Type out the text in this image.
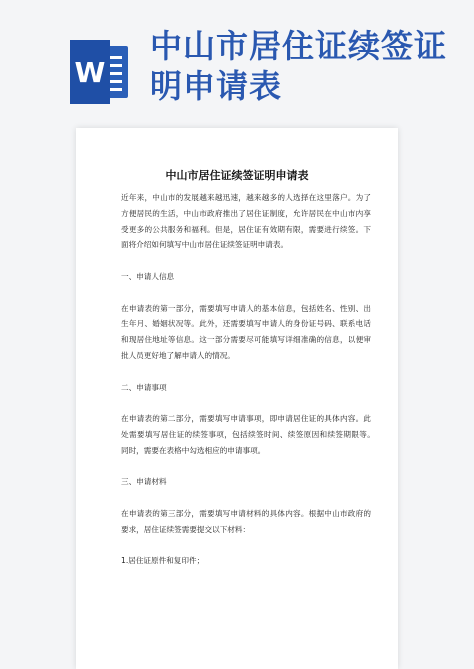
W
中山市居住证续签证明申请表
中山市居住证续签证明申请表

近年来，中山市的发展越来越迅速，越来越多的人选择在这里落户。为了方便居民的生活，中山市政府推出了居住证制度，允许居民在中山市内享受更多的公共服务和福利。但是，居住证有效期有限，需要进行续签。下面将介绍如何填写中山市居住证续签证明申请表。

一、申请人信息

在申请表的第一部分，需要填写申请人的基本信息，包括姓名、性别、出生年月、婚姻状况等。此外，还需要填写申请人的身份证号码、联系电话和现居住地址等信息。这一部分需要尽可能填写详细准确的信息，以便审批人员更好地了解申请人的情况。

二、申请事项

在申请表的第二部分，需要填写申请事项，即申请居住证的具体内容。此处需要填写居住证的续签事项，包括续签时间、续签原因和续签期限等。　同时，需要在表格中勾选相应的申请事项。

三、申请材料

在申请表的第三部分，需要填写申请材料的具体内容。根据中山市政府的要求，居住证续签需要提交以下材料：

1.居住证原件和复印件；
